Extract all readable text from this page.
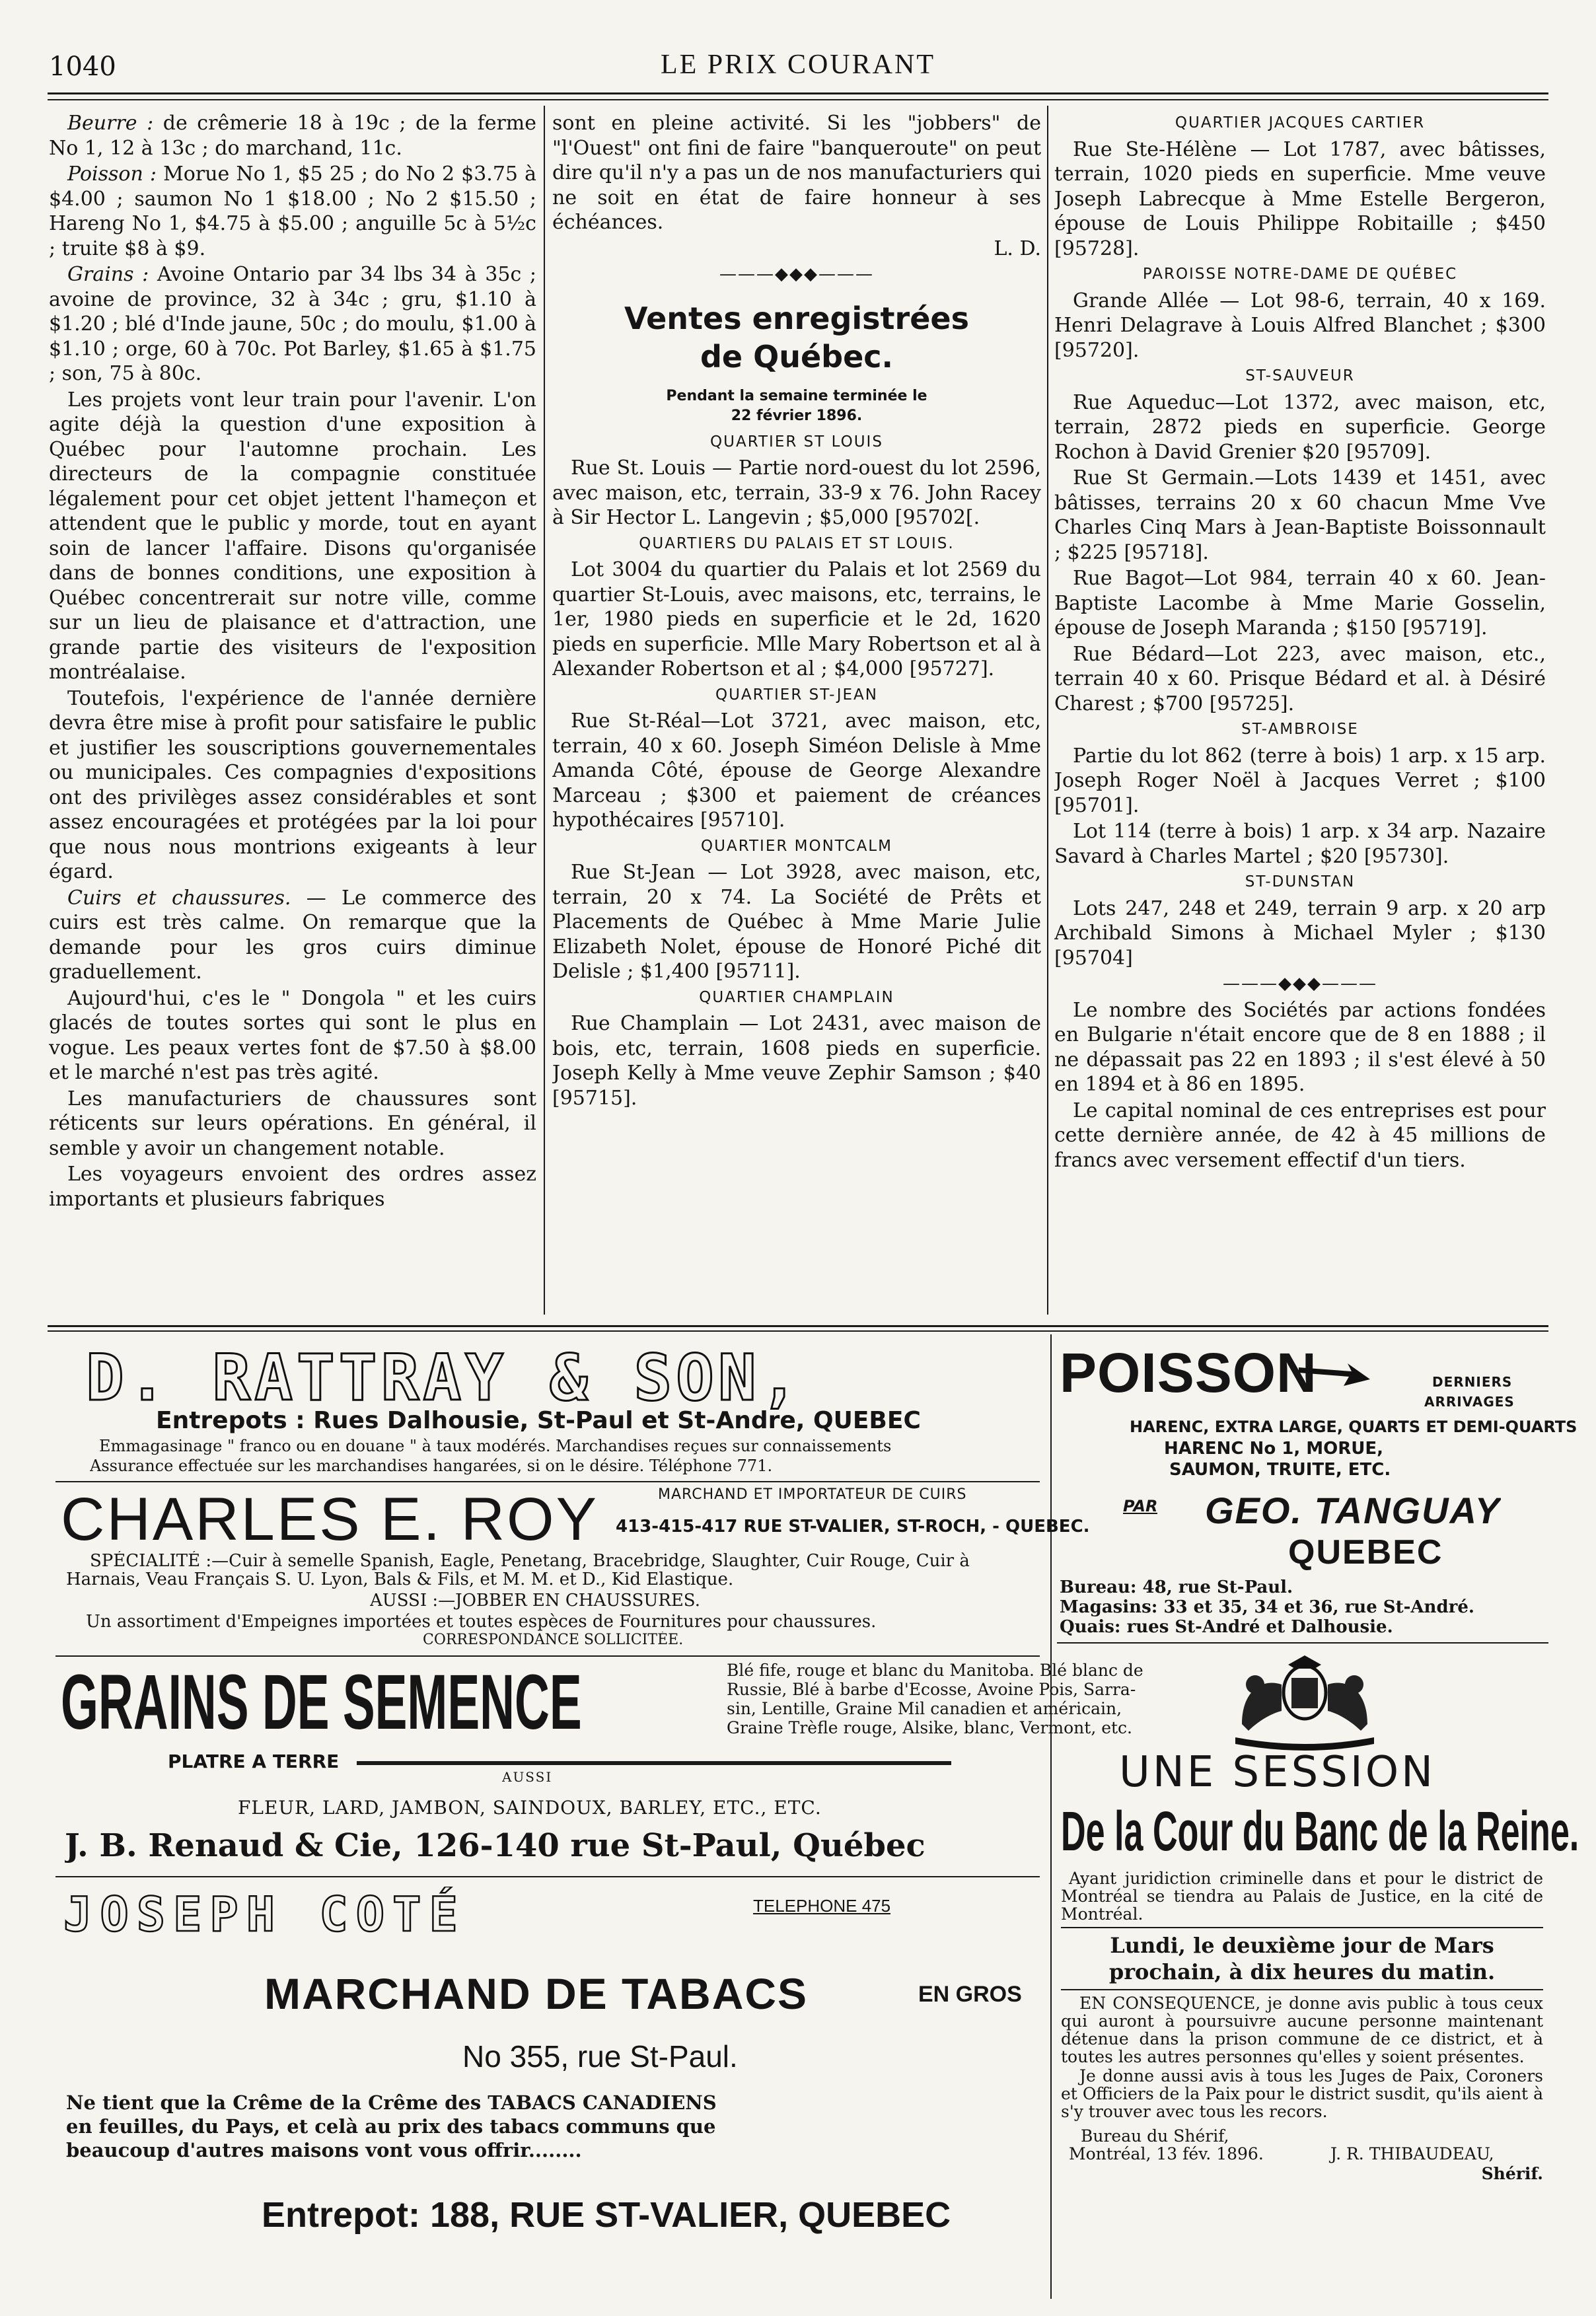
1040	LE PRIX COURANT

Beurre : de crêmerie 18 à 19c ; de la ferme No 1, 12 à 13c ; do marchand, 11c.

Poisson : Morue No 1, $5 25 ; do No 2 $3.75 à $4.00 ; saumon No 1 $18.00 ; No 2 $15.50 ; Hareng No 1, $4.75 à $5.00 ; anguille 5c à 5½c ; truite $8 à $9.

Grains : Avoine Ontario par 34 lbs 34 à 35c ; avoine de province, 32 à 34c ; gru, $1.10 à $1.20 ; blé d'Inde jaune, 50c ; do moulu, $1.00 à $1.10 ; orge, 60 à 70c. Pot Barley, $1.65 à $1.75 ; son, 75 à 80c.

Les projets vont leur train pour l'avenir. L'on agite déjà la question d'une exposition à Québec pour l'automne prochain. Les directeurs de la compagnie constituée légalement pour cet objet jettent l'hameçon et attendent que le public y morde, tout en ayant soin de lancer l'affaire. Disons qu'organisée dans de bonnes conditions, une exposition à Québec concentrerait sur notre ville, comme sur un lieu de plaisance et d'attraction, une grande partie des visiteurs de l'exposition montréalaise.

Toutefois, l'expérience de l'année dernière devra être mise à profit pour satisfaire le public et justifier les souscriptions gouvernementales ou municipales. Ces compagnies d'expositions ont des privilèges assez considérables et sont assez encouragées et protégées par la loi pour que nous nous montrions exigeants à leur égard.

Cuirs et chaussures. — Le commerce des cuirs est très calme. On remarque que la demande pour les gros cuirs diminue graduellement.

Aujourd'hui, c'es le " Dongola " et les cuirs glacés de toutes sortes qui sont le plus en vogue. Les peaux vertes font de $7.50 à $8.00 et le marché n'est pas très agité.

Les manufacturiers de chaussures sont réticents sur leurs opérations. En général, il semble y avoir un changement notable.

Les voyageurs envoient des ordres assez importants et plusieurs fabriques

sont en pleine activité. Si les "jobbers" de "l'Ouest" ont fini de faire "banqueroute" on peut dire qu'il n'y a pas un de nos manufacturiers qui ne soit en état de faire honneur à ses échéances.

L. D.

———◆◆◆———

Ventes enregistrées
de Québec.
Pendant la semaine terminée le
22 février 1896.

QUARTIER ST LOUIS

Rue St. Louis — Partie nord-ouest du lot 2596, avec maison, etc, terrain, 33-9 x 76. John Racey à Sir Hector L. Langevin ; $5,000 [95702[.

QUARTIERS DU PALAIS ET ST LOUIS.

Lot 3004 du quartier du Palais et lot 2569 du quartier St-Louis, avec maisons, etc, terrains, le 1er, 1980 pieds en superficie et le 2d, 1620 pieds en superficie. Mlle Mary Robertson et al à Alexander Robertson et al ; $4,000 [95727].

QUARTIER ST-JEAN

Rue St-Réal—Lot 3721, avec maison, etc, terrain, 40 x 60. Joseph Siméon Delisle à Mme Amanda Côté, épouse de George Alexandre Marceau ; $300 et paiement de créances hypothécaires [95710].

QUARTIER MONTCALM

Rue St-Jean — Lot 3928, avec maison, etc, terrain, 20 x 74. La Société de Prêts et Placements de Québec à Mme Marie Julie Elizabeth Nolet, épouse de Honoré Piché dit Delisle ; $1,400 [95711].

QUARTIER CHAMPLAIN

Rue Champlain — Lot 2431, avec maison de bois, etc, terrain, 1608 pieds en superficie. Joseph Kelly à Mme veuve Zephir Samson ; $40 [95715].

QUARTIER JACQUES CARTIER

Rue Ste-Hélène — Lot 1787, avec bâtisses, terrain, 1020 pieds en superficie. Mme veuve Joseph Labrecque à Mme Estelle Bergeron, épouse de Louis Philippe Robitaille ; $450 [95728].

PAROISSE NOTRE-DAME DE QUÉBEC

Grande Allée — Lot 98-6, terrain, 40 x 169. Henri Delagrave à Louis Alfred Blanchet ; $300 [95720].

ST-SAUVEUR

Rue Aqueduc—Lot 1372, avec maison, etc, terrain, 2872 pieds en superficie. George Rochon à David Grenier $20 [95709].

Rue St Germain.—Lots 1439 et 1451, avec bâtisses, terrains 20 x 60 chacun Mme Vve Charles Cinq Mars à Jean-Baptiste Boissonnault ; $225 [95718].

Rue Bagot—Lot 984, terrain 40 x 60. Jean-Baptiste Lacombe à Mme Marie Gosselin, épouse de Joseph Maranda ; $150 [95719].

Rue Bédard—Lot 223, avec maison, etc., terrain 40 x 60. Prisque Bédard et al. à Désiré Charest ; $700 [95725].

ST-AMBROISE

Partie du lot 862 (terre à bois) 1 arp. x 15 arp. Joseph Roger Noël à Jacques Verret ; $100 [95701].

Lot 114 (terre à bois) 1 arp. x 34 arp. Nazaire Savard à Charles Martel ; $20 [95730].

ST-DUNSTAN

Lots 247, 248 et 249, terrain 9 arp. x 20 arp Archibald Simons à Michael Myler ; $130 [95704]

———◆◆◆———

Le nombre des Sociétés par actions fondées en Bulgarie n'était encore que de 8 en 1888 ; il ne dépassait pas 22 en 1893 ; il s'est élevé à 50 en 1894 et à 86 en 1895.

Le capital nominal de ces entreprises est pour cette dernière année, de 42 à 45 millions de francs avec versement effectif d'un tiers.

D. RATTRAY & SON,
Entrepots : Rues Dalhousie, St-Paul et St-Andre, QUEBEC
Emmagasinage " franco ou en douane " à taux modérés. Marchandises reçues sur connaissements
Assurance effectuée sur les marchandises hangarées, si on le désire. Téléphone 771.
MARCHAND ET IMPORTATEUR DE CUIRS
CHARLES E. ROY 413-415-417 RUE ST-VALIER, ST-ROCH, - QUEBEC.
SPÉCIALITÉ :—Cuir à semelle Spanish, Eagle, Penetang, Bracebridge, Slaughter, Cuir Rouge, Cuir à
Harnais, Veau Français S. U. Lyon, Bals & Fils, et M. M. et D., Kid Elastique.
AUSSI :—JOBBER EN CHAUSSURES.
Un assortiment d'Empeignes importées et toutes espèces de Fournitures pour chaussures.
CORRESPONDANCE SOLLICITÉE.
GRAINS DE SEMENCE	Blé fife, rouge et blanc du Manitoba. Blé blanc de
Russie, Blé à barbe d'Ecosse, Avoine Pois, Sarra-
sin, Lentille, Graine Mil canadien et américain,
Graine Trèfle rouge, Alsike, blanc, Vermont, etc.
PLATRE A TERRE
AUSSI
FLEUR, LARD, JAMBON, SAINDOUX, BARLEY, ETC., ETC.
J. B. Renaud & Cie, 126-140 rue St-Paul, Québec
JOSEPH COTÉ	TELEPHONE 475
MARCHAND DE TABACS	EN GROS
No 355, rue St-Paul.
Ne tient que la Crême de la Crême des TABACS CANADIENS
en feuilles, du Pays, et celà au prix des tabacs communs que
beaucoup d'autres maisons vont vous offrir........
Entrepot: 188, RUE ST-VALIER, QUEBEC
POISSON	DERNIERS
ARRIVAGES
HARENC, EXTRA LARGE, QUARTS ET DEMI-QUARTS
HARENC No 1, MORUE,
SAUMON, TRUITE, ETC.
PAR GEO. TANGUAY
QUEBEC
Bureau: 48, rue St-Paul.
Magasins: 33 et 35, 34 et 36, rue St-André.
Quais: rues St-André et Dalhousie.
UNE SESSION
De la Cour du Banc de la Reine.

Ayant juridiction criminelle dans et pour le district de Montréal se tiendra au Palais de Justice, en la cité de Montréal.

Lundi, le deuxième jour de Mars prochain, à dix heures du matin.

EN CONSEQUENCE, je donne avis public à tous ceux qui auront à poursuivre aucune personne maintenant détenue dans la prison commune de ce district, et à toutes les autres personnes qu'elles y soient présentes.

Je donne aussi avis à tous les Juges de Paix, Coroners et Officiers de la Paix pour le district susdit, qu'ils aient à s'y trouver avec tous les recors.

Bureau du Shérif,
Montréal, 13 fév. 1896.	J. R. THIBAUDEAU,
Shérif.
